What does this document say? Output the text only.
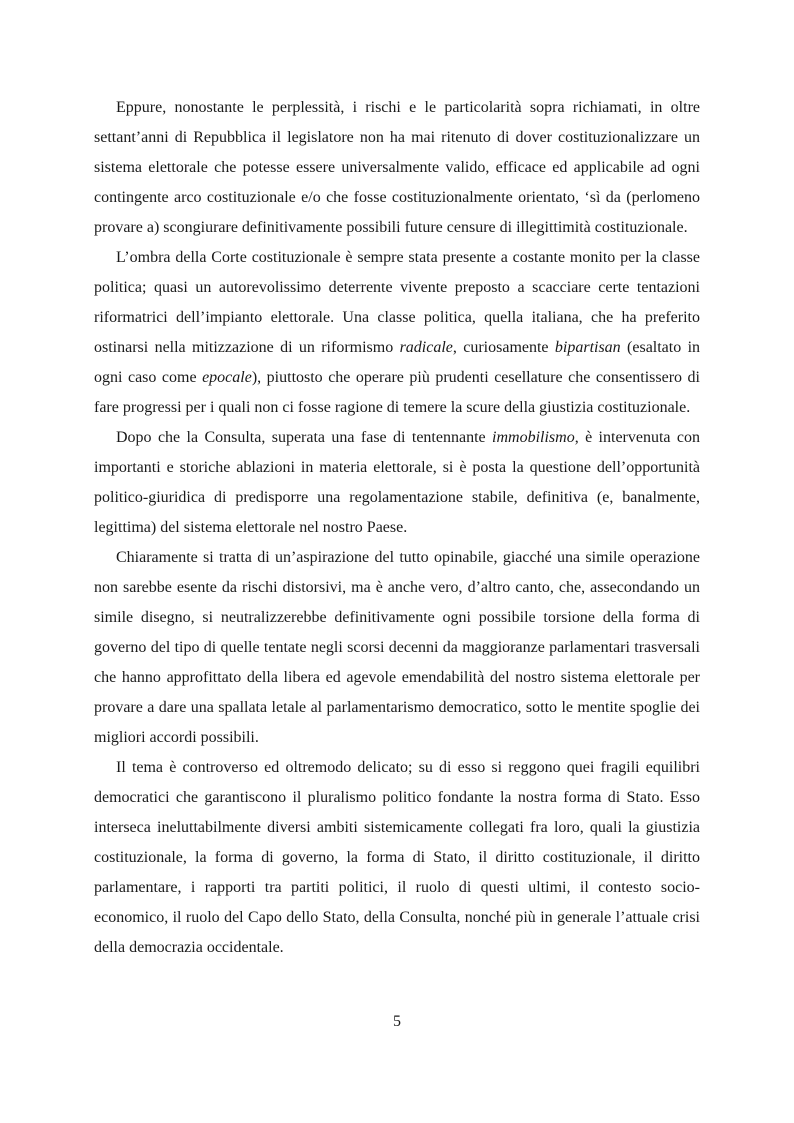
Eppure, nonostante le perplessità, i rischi e le particolarità sopra richiamati, in oltre settant’anni di Repubblica il legislatore non ha mai ritenuto di dover costituzionalizzare un sistema elettorale che potesse essere universalmente valido, efficace ed applicabile ad ogni contingente arco costituzionale e/o che fosse costituzionalmente orientato, ‘sì da (perlomeno provare a) scongiurare definitivamente possibili future censure di illegittimità costituzionale.

L’ombra della Corte costituzionale è sempre stata presente a costante monito per la classe politica; quasi un autorevolissimo deterrente vivente preposto a scacciare certe tentazioni riformatrici dell’impianto elettorale. Una classe politica, quella italiana, che ha preferito ostinarsi nella mitizzazione di un riformismo radicale, curiosamente bipartisan (esaltato in ogni caso come epocale), piuttosto che operare più prudenti cesellature che consentissero di fare progressi per i quali non ci fosse ragione di temere la scure della giustizia costituzionale.

Dopo che la Consulta, superata una fase di tentennante immobilismo, è intervenuta con importanti e storiche ablazioni in materia elettorale, si è posta la questione dell’opportunità politico-giuridica di predisporre una regolamentazione stabile, definitiva (e, banalmente, legittima) del sistema elettorale nel nostro Paese.

Chiaramente si tratta di un’aspirazione del tutto opinabile, giacché una simile operazione non sarebbe esente da rischi distorsivi, ma è anche vero, d’altro canto, che, assecondando un simile disegno, si neutralizzerebbe definitivamente ogni possibile torsione della forma di governo del tipo di quelle tentate negli scorsi decenni da maggioranze parlamentari trasversali che hanno approfittato della libera ed agevole emendabilità del nostro sistema elettorale per provare a dare una spallata letale al parlamentarismo democratico, sotto le mentite spoglie dei migliori accordi possibili.

Il tema è controverso ed oltremodo delicato; su di esso si reggono quei fragili equilibri democratici che garantiscono il pluralismo politico fondante la nostra forma di Stato. Esso interseca ineluttabilmente diversi ambiti sistemicamente collegati fra loro, quali la giustizia costituzionale, la forma di governo, la forma di Stato, il diritto costituzionale, il diritto parlamentare, i rapporti tra partiti politici, il ruolo di questi ultimi, il contesto socio-economico, il ruolo del Capo dello Stato, della Consulta, nonché più in generale l’attuale crisi della democrazia occidentale.

5
